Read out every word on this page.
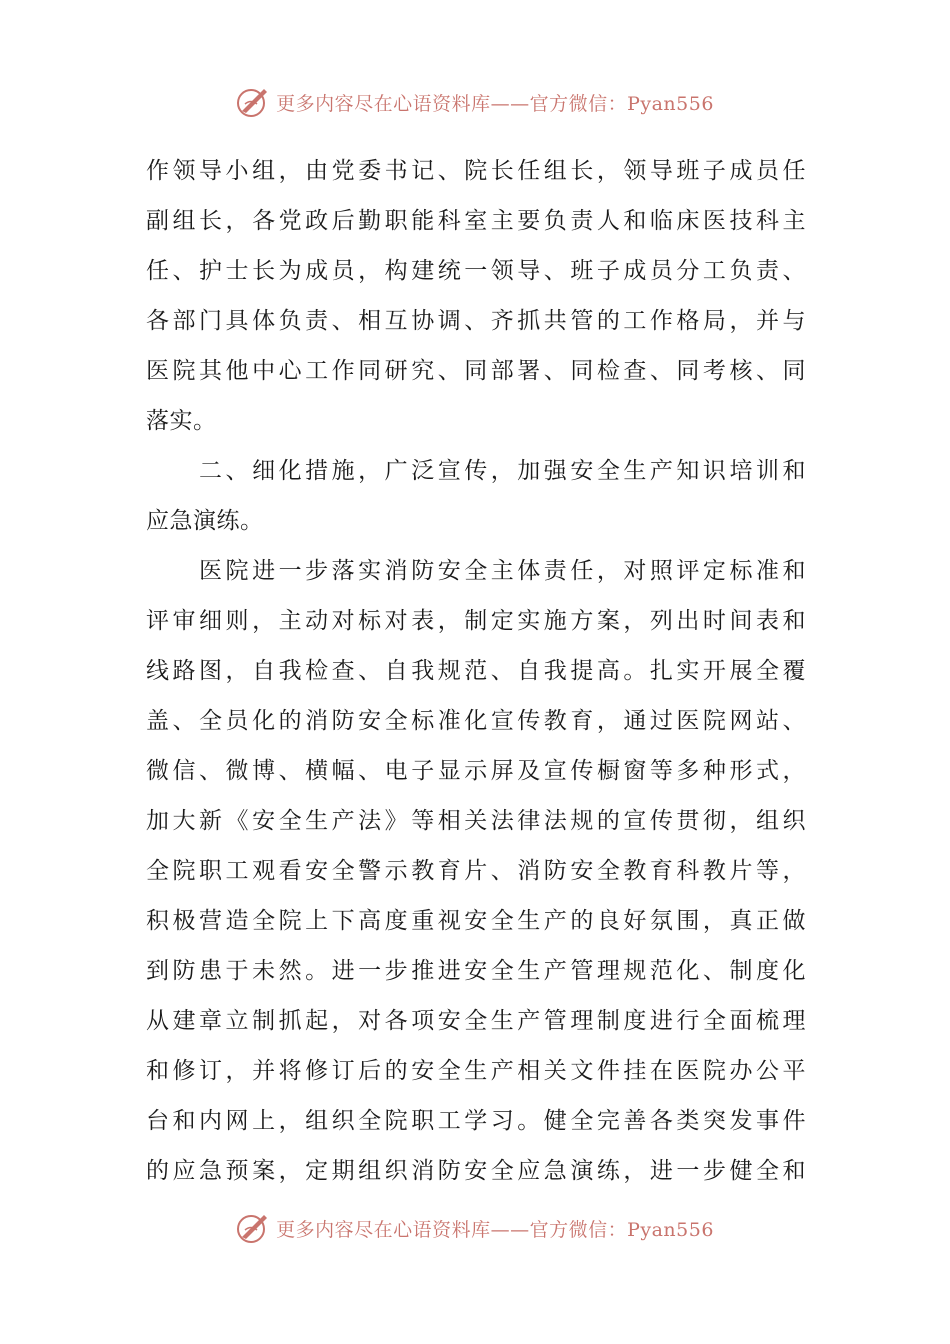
更多内容尽在心语资料库——官方微信：Pyan556
作领导小组，由党委书记、院长任组长，领导班子成员任
副组长，各党政后勤职能科室主要负责人和临床医技科主
任、护士长为成员，构建统一领导、班子成员分工负责、
各部门具体负责、相互协调、齐抓共管的工作格局，并与
医院其他中心工作同研究、同部署、同检查、同考核、同
落实。
　　二、细化措施，广泛宣传，加强安全生产知识培训和
应急演练。
　　医院进一步落实消防安全主体责任，对照评定标准和
评审细则，主动对标对表，制定实施方案，列出时间表和
线路图，自我检查、自我规范、自我提高。扎实开展全覆
盖、全员化的消防安全标准化宣传教育，通过医院网站、
微信、微博、横幅、电子显示屏及宣传橱窗等多种形式，
加大新《安全生产法》等相关法律法规的宣传贯彻，组织
全院职工观看安全警示教育片、消防安全教育科教片等，
积极营造全院上下高度重视安全生产的良好氛围，真正做
到防患于未然。进一步推进安全生产管理规范化、制度化
从建章立制抓起，对各项安全生产管理制度进行全面梳理
和修订，并将修订后的安全生产相关文件挂在医院办公平
台和内网上，组织全院职工学习。健全完善各类突发事件
的应急预案，定期组织消防安全应急演练，进一步健全和
更多内容尽在心语资料库——官方微信：Pyan556
